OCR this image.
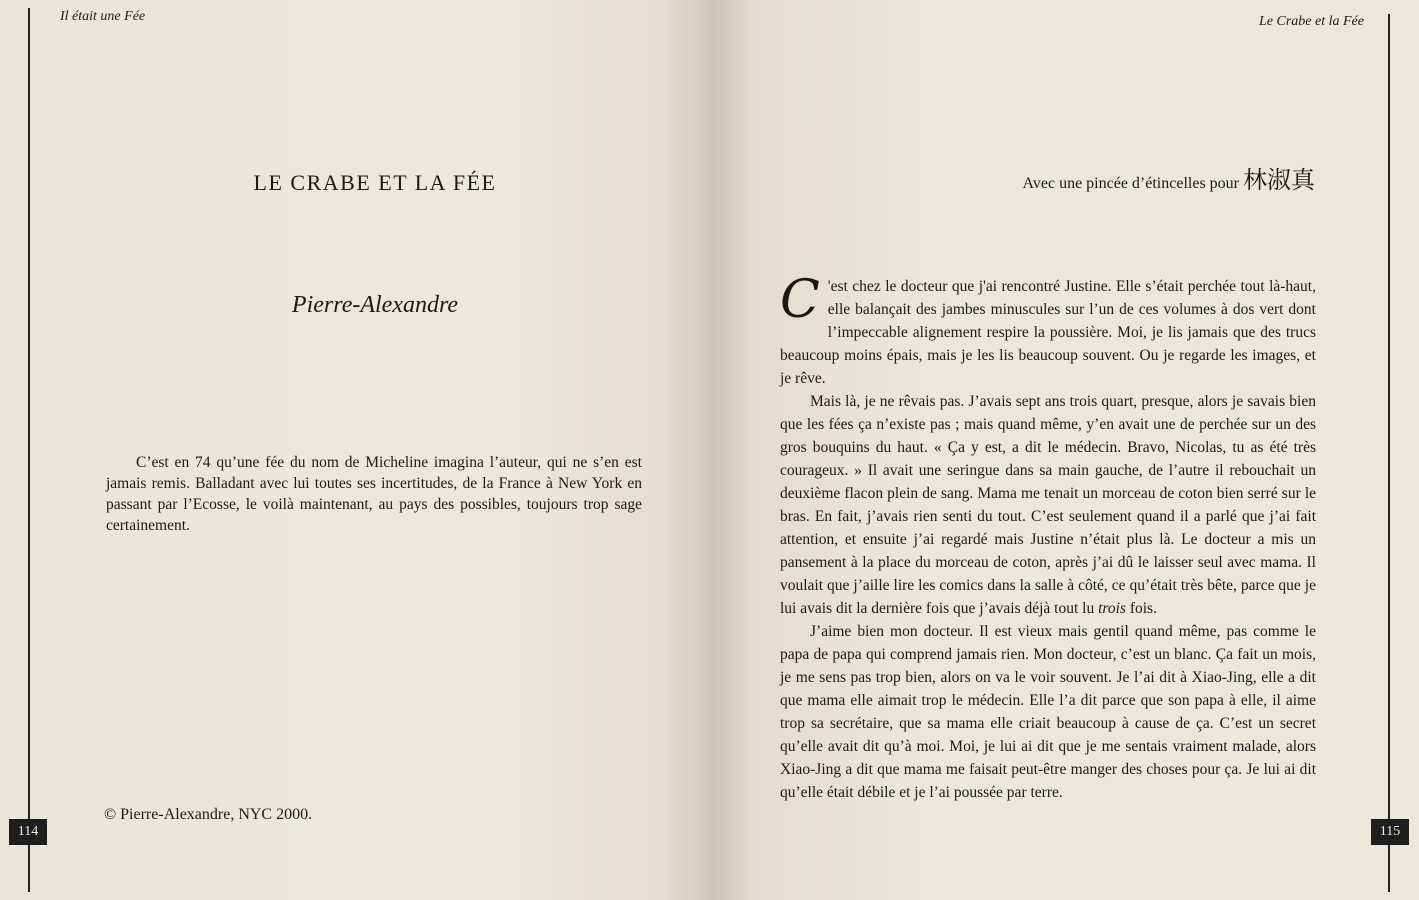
Il était une Fée	Le Crabe et la Fée
LE CRABE ET LA FÉE
Pierre-Alexandre

C’est en 74 qu’une fée du nom de Micheline imagina l’auteur, qui ne s’en est jamais remis. Balladant avec lui toutes ses incertitudes, de la France à New York en passant par l’Ecosse, le voilà maintenant, au pays des possibles, toujours trop sage certainement.

© Pierre-Alexandre, NYC 2000.
114
Avec une pincée d’étincelles pour 林淑真

C 'est chez le docteur que j'ai rencontré Justine. Elle s’était perchée tout là-haut, elle balançait des jambes minuscules sur l’un de ces volumes à dos vert dont l’impeccable alignement respire la poussière. Moi, je lis jamais que des trucs beaucoup moins épais, mais je les lis beaucoup souvent. Ou je regarde les images, et je rêve.

Mais là, je ne rêvais pas. J’avais sept ans trois quart, presque, alors je savais bien que les fées ça n’existe pas ; mais quand même, y’en avait une de perchée sur un des gros bouquins du haut. « Ça y est, a dit le médecin. Bravo, Nicolas, tu as été très courageux. » Il avait une seringue dans sa main gauche, de l’autre il rebouchait un deuxième flacon plein de sang. Mama me tenait un morceau de coton bien serré sur le bras. En fait, j’avais rien senti du tout. C’est seulement quand il a parlé que j’ai fait attention, et ensuite j’ai regardé mais Justine n’était plus là. Le docteur a mis un pansement à la place du morceau de coton, après j’ai dû le laisser seul avec mama. Il voulait que j’aille lire les comics dans la salle à côté, ce qu’était très bête, parce que je lui avais dit la dernière fois que j’avais déjà tout lu trois fois.

J’aime bien mon docteur. Il est vieux mais gentil quand même, pas comme le papa de papa qui comprend jamais rien. Mon docteur, c’est un blanc. Ça fait un mois, je me sens pas trop bien, alors on va le voir souvent. Je l’ai dit à Xiao-Jing, elle a dit que mama elle aimait trop le médecin. Elle l’a dit parce que son papa à elle, il aime trop sa secrétaire, que sa mama elle criait beaucoup à cause de ça. C’est un secret qu’elle avait dit qu’à moi. Moi, je lui ai dit que je me sentais vraiment malade, alors Xiao-Jing a dit que mama me faisait peut-être manger des choses pour ça. Je lui ai dit qu’elle était débile et je l’ai poussée par terre.

115
